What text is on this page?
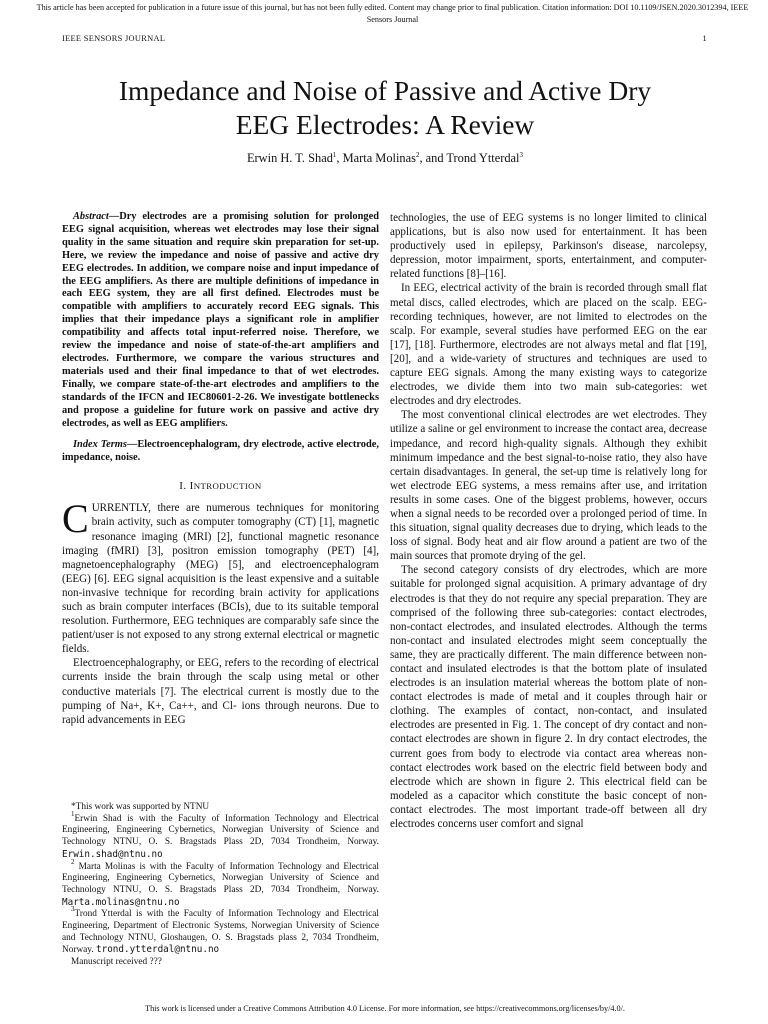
This article has been accepted for publication in a future issue of this journal, but has not been fully edited. Content may change prior to final publication. Citation information: DOI 10.1109/JSEN.2020.3012394, IEEE Sensors Journal
IEEE SENSORS JOURNAL	1
Impedance and Noise of Passive and Active Dry
EEG Electrodes: A Review
Erwin H. T. Shad$^1$, Marta Molinas$^2$, and Trond Ytterdal$^3$
Abstract—Dry electrodes are a promising solution for prolonged EEG signal acquisition, whereas wet electrodes may lose their signal quality in the same situation and require skin preparation for set-up. Here, we review the impedance and noise of passive and active dry EEG electrodes. In addition, we compare noise and input impedance of the EEG amplifiers. As there are multiple definitions of impedance in each EEG system, they are all first defined. Electrodes must be compatible with amplifiers to accurately record EEG signals. This implies that their impedance plays a significant role in amplifier compatibility and affects total input-referred noise. Therefore, we review the impedance and noise of state-of-the-art amplifiers and electrodes. Furthermore, we compare the various structures and materials used and their final impedance to that of wet electrodes. Finally, we compare state-of-the-art electrodes and amplifiers to the standards of the IFCN and IEC80601-2-26. We investigate bottlenecks and propose a guideline for future work on passive and active dry electrodes, as well as EEG amplifiers.
Index Terms—Electroencephalogram, dry electrode, active electrode, impedance, noise.
I. INTRODUCTION

CURRENTLY, there are numerous techniques for monitoring brain activity, such as computer tomography (CT) [1], magnetic resonance imaging (MRI) [2], functional magnetic resonance imaging (fMRI) [3], positron emission tomography (PET) [4], magnetoencephalography (MEG) [5], and electroencephalogram (EEG) [6]. EEG signal acquisition is the least expensive and a suitable non-invasive technique for recording brain activity for applications such as brain computer interfaces (BCIs), due to its suitable temporal resolution. Furthermore, EEG techniques are comparably safe since the patient/user is not exposed to any strong external electrical or magnetic fields.

Electroencephalography, or EEG, refers to the recording of electrical currents inside the brain through the scalp using metal or other conductive materials [7]. The electrical current is mostly due to the pumping of Na+, K+, Ca++, and Cl- ions through neurons. Due to rapid advancements in EEG

*This work was supported by NTNU
$^1$Erwin Shad is with the Faculty of Information Technology and Electrical Engineering, Engineering Cybernetics, Norwegian University of Science and Technology NTNU, O. S. Bragstads Plass 2D, 7034 Trondheim, Norway. Erwin.shad@ntnu.no
$^2$ Marta Molinas is with the Faculty of Information Technology and Electrical Engineering, Engineering Cybernetics, Norwegian University of Science and Technology NTNU, O. S. Bragstads Plass 2D, 7034 Trondheim, Norway. Marta.molinas@ntnu.no
$^3$Trond Ytterdal is with the Faculty of Information Technology and Electrical Engineering, Department of Electronic Systems, Norwegian University of Science and Technology NTNU, Gloshaugen, O. S. Bragstads plass 2, 7034 Trondheim, Norway. trond.ytterdal@ntnu.no
Manuscript received ???

technologies, the use of EEG systems is no longer limited to clinical applications, but is also now used for entertainment. It has been productively used in epilepsy, Parkinson's disease, narcolepsy, depression, motor impairment, sports, entertainment, and computer-related functions [8]–[16].

In EEG, electrical activity of the brain is recorded through small flat metal discs, called electrodes, which are placed on the scalp. EEG-recording techniques, however, are not limited to electrodes on the scalp. For example, several studies have performed EEG on the ear [17], [18]. Furthermore, electrodes are not always metal and flat [19], [20], and a wide-variety of structures and techniques are used to capture EEG signals. Among the many existing ways to categorize electrodes, we divide them into two main sub-categories: wet electrodes and dry electrodes.

The most conventional clinical electrodes are wet electrodes. They utilize a saline or gel environment to increase the contact area, decrease impedance, and record high-quality signals. Although they exhibit minimum impedance and the best signal-to-noise ratio, they also have certain disadvantages. In general, the set-up time is relatively long for wet electrode EEG systems, a mess remains after use, and irritation results in some cases. One of the biggest problems, however, occurs when a signal needs to be recorded over a prolonged period of time. In this situation, signal quality decreases due to drying, which leads to the loss of signal. Body heat and air flow around a patient are two of the main sources that promote drying of the gel.

The second category consists of dry electrodes, which are more suitable for prolonged signal acquisition. A primary advantage of dry electrodes is that they do not require any special preparation. They are comprised of the following three sub-categories: contact electrodes, non-contact electrodes, and insulated electrodes. Although the terms non-contact and insulated electrodes might seem conceptually the same, they are practically different. The main difference between non-contact and insulated electrodes is that the bottom plate of insulated electrodes is an insulation material whereas the bottom plate of non-contact electrodes is made of metal and it couples through hair or clothing. The examples of contact, non-contact, and insulated electrodes are presented in Fig. 1. The concept of dry contact and non-contact electrodes are shown in figure 2. In dry contact electrodes, the current goes from body to electrode via contact area whereas non-contact electrodes work based on the electric field between body and electrode which are shown in figure 2. This electrical field can be modeled as a capacitor which constitute the basic concept of non-contact electrodes. The most important trade-off between all dry electrodes concerns user comfort and signal

This work is licensed under a Creative Commons Attribution 4.0 License. For more information, see https://creativecommons.org/licenses/by/4.0/.
